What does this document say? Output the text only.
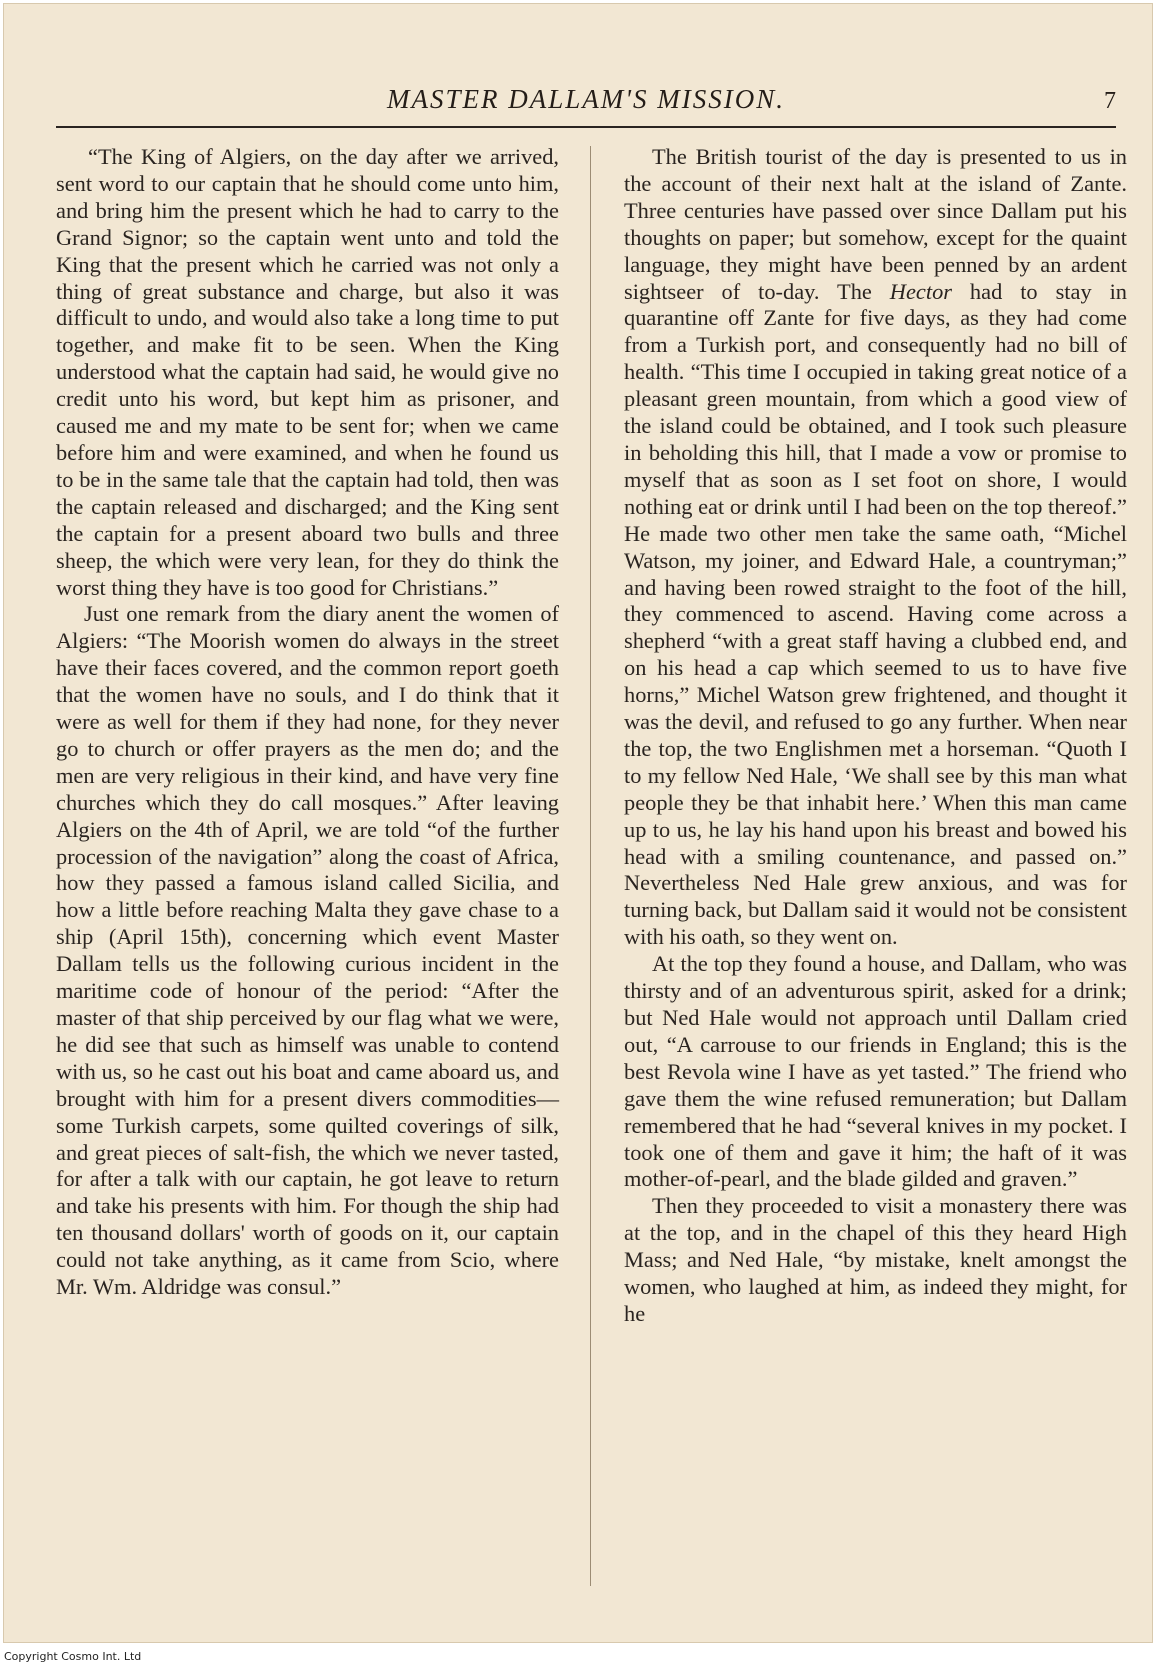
MASTER DALLAM'S MISSION.	7

“The King of Algiers, on the day after we arrived, sent word to our captain that he should come unto him, and bring him the present which he had to carry to the Grand Signor; so the captain went unto and told the King that the present which he carried was not only a thing of great substance and charge, but also it was difficult to undo, and would also take a long time to put together, and make fit to be seen. When the King understood what the captain had said, he would give no credit unto his word, but kept him as prisoner, and caused me and my mate to be sent for; when we came before him and were examined, and when he found us to be in the same tale that the captain had told, then was the captain released and discharged; and the King sent the captain for a present aboard two bulls and three sheep, the which were very lean, for they do think the worst thing they have is too good for Christians.”

Just one remark from the diary anent the women of Algiers: “The Moorish women do always in the street have their faces covered, and the common report goeth that the women have no souls, and I do think that it were as well for them if they had none, for they never go to church or offer prayers as the men do; and the men are very religious in their kind, and have very fine churches which they do call mosques.” After leaving Algiers on the 4th of April, we are told “of the further procession of the navigation” along the coast of Africa, how they passed a famous island called Sicilia, and how a little before reaching Malta they gave chase to a ship (April 15th), concerning which event Master Dallam tells us the following curious incident in the maritime code of honour of the period: “After the master of that ship perceived by our flag what we were, he did see that such as himself was unable to contend with us, so he cast out his boat and came aboard us, and brought with him for a present divers commodities—some Turkish carpets, some quilted coverings of silk, and great pieces of salt-fish, the which we never tasted, for after a talk with our captain, he got leave to return and take his presents with him. For though the ship had ten thousand dollars' worth of goods on it, our captain could not take anything, as it came from Scio, where Mr. Wm. Aldridge was consul.”

The British tourist of the day is presented to us in the account of their next halt at the island of Zante. Three centuries have passed over since Dallam put his thoughts on paper; but somehow, except for the quaint language, they might have been penned by an ardent sightseer of to-day. The Hector had to stay in quarantine off Zante for five days, as they had come from a Turkish port, and consequently had no bill of health. “This time I occupied in taking great notice of a pleasant green mountain, from which a good view of the island could be obtained, and I took such pleasure in beholding this hill, that I made a vow or promise to myself that as soon as I set foot on shore, I would nothing eat or drink until I had been on the top thereof.” He made two other men take the same oath, “Michel Watson, my joiner, and Edward Hale, a countryman;” and having been rowed straight to the foot of the hill, they commenced to ascend. Having come across a shepherd “with a great staff having a clubbed end, and on his head a cap which seemed to us to have five horns,” Michel Watson grew frightened, and thought it was the devil, and refused to go any further. When near the top, the two Englishmen met a horseman. “Quoth I to my fellow Ned Hale, ‘We shall see by this man what people they be that inhabit here.’ When this man came up to us, he lay his hand upon his breast and bowed his head with a smiling countenance, and passed on.” Nevertheless Ned Hale grew anxious, and was for turning back, but Dallam said it would not be consistent with his oath, so they went on.

At the top they found a house, and Dallam, who was thirsty and of an adventurous spirit, asked for a drink; but Ned Hale would not approach until Dallam cried out, “A carrouse to our friends in England; this is the best Revola wine I have as yet tasted.” The friend who gave them the wine refused remuneration; but Dallam remembered that he had “several knives in my pocket. I took one of them and gave it him; the haft of it was mother-of-pearl, and the blade gilded and graven.”

Then they proceeded to visit a monastery there was at the top, and in the chapel of this they heard High Mass; and Ned Hale, “by mistake, knelt amongst the women, who laughed at him, as indeed they might, for he

Copyright Cosmo Int. Ltd
